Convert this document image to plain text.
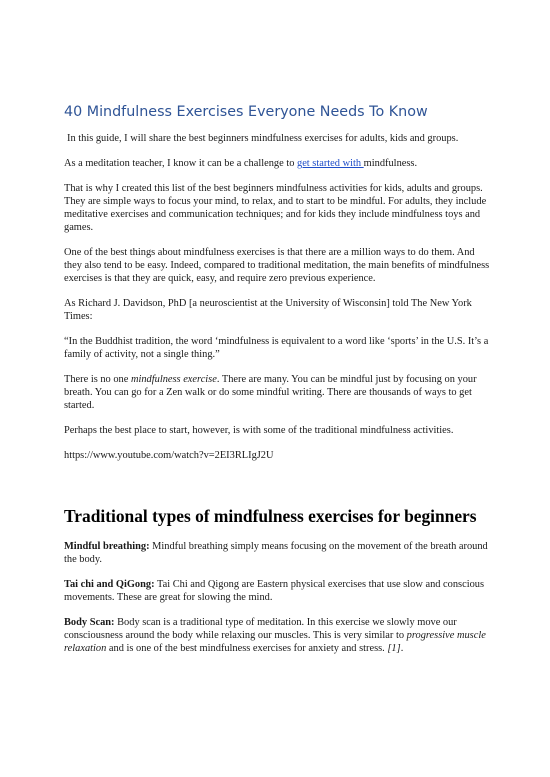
40 Mindfulness Exercises Everyone Needs To Know

In this guide, I will share the best beginners mindfulness exercises for adults, kids and groups.

As a meditation teacher, I know it can be a challenge to get started with mindfulness.

That is why I created this list of the best beginners mindfulness activities for kids, adults and groups. They are simple ways to focus your mind, to relax, and to start to be mindful. For adults, they include meditative exercises and communication techniques; and for kids they include mindfulness toys and games.

One of the best things about mindfulness exercises is that there are a million ways to do them. And they also tend to be easy. Indeed, compared to traditional meditation, the main benefits of mindfulness exercises is that they are quick, easy, and require zero previous experience.

As Richard J. Davidson, PhD [a neuroscientist at the University of Wisconsin] told The New York Times:

“In the Buddhist tradition, the word ‘mindfulness is equivalent to a word like ‘sports’ in the U.S. It’s a family of activity, not a single thing.”

There is no one mindfulness exercise. There are many. You can be mindful just by focusing on your breath. You can go for a Zen walk or do some mindful writing. There are thousands of ways to get started.

Perhaps the best place to start, however, is with some of the traditional mindfulness activities.

https://www.youtube.com/watch?v=2EI3RLIgJ2U

Traditional types of mindfulness exercises for beginners

Mindful breathing: Mindful breathing simply means focusing on the movement of the breath around the body.

Tai chi and QiGong: Tai Chi and Qigong are Eastern physical exercises that use slow and conscious movements. These are great for slowing the mind.

Body Scan: Body scan is a traditional type of meditation. In this exercise we slowly move our consciousness around the body while relaxing our muscles. This is very similar to progressive muscle relaxation and is one of the best mindfulness exercises for anxiety and stress. [1].
